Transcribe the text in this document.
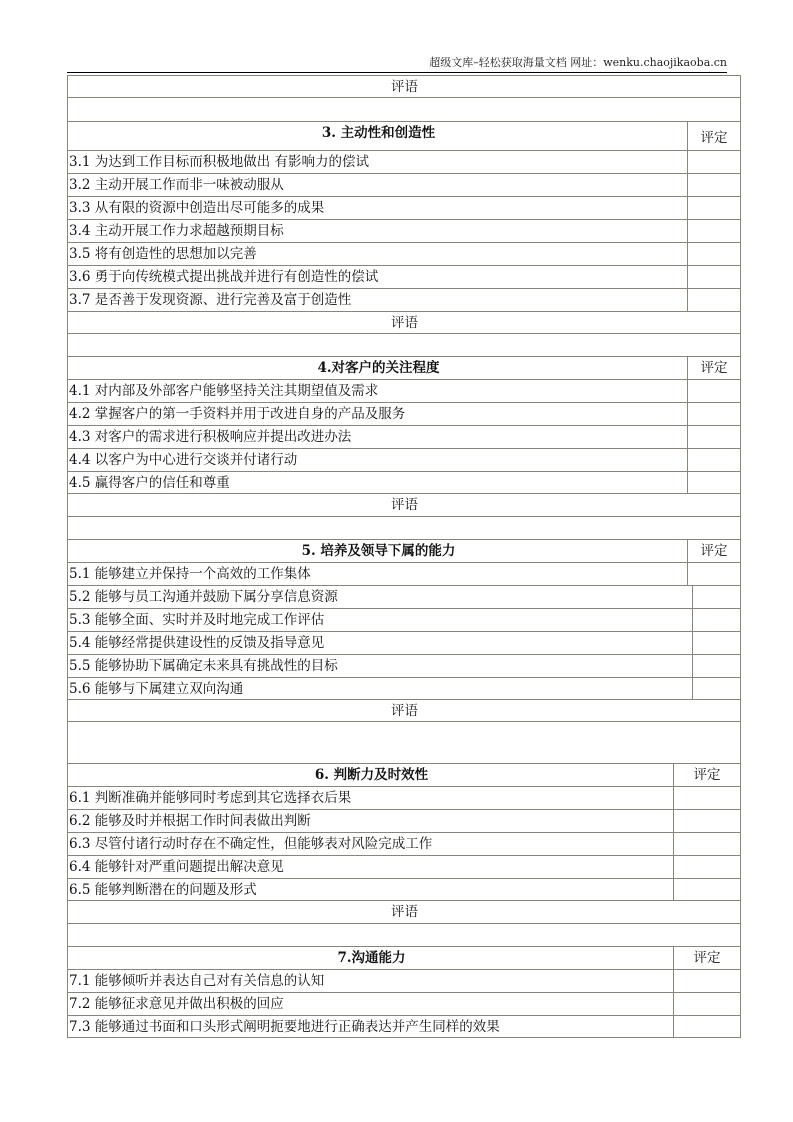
超级文库–轻松获取海量文档 网址：wenku.chaojikaoba.cn
评语
3. 主动性和创造性	评定
3.1 为达到工作目标而积极地做出 有影响力的偿试
3.2 主动开展工作而非一味被动服从
3.3 从有限的资源中创造出尽可能多的成果
3.4 主动开展工作力求超越预期目标
3.5 将有创造性的思想加以完善
3.6 勇于向传统模式提出挑战并进行有创造性的偿试
3.7 是否善于发现资源、进行完善及富于创造性
评语
4.对客户的关注程度	评定
4.1 对内部及外部客户能够坚持关注其期望值及需求
4.2 掌握客户的第一手资料并用于改进自身的产品及服务
4.3 对客户的需求进行积极响应并提出改进办法
4.4 以客户为中心进行交谈并付诸行动
4.5 赢得客户的信任和尊重
评语
5. 培养及领导下属的能力	评定
5.1 能够建立并保持一个高效的工作集体
5.2 能够与员工沟通并鼓励下属分享信息资源
5.3 能够全面、实时并及时地完成工作评估
5.4 能够经常提供建设性的反馈及指导意见
5.5 能够协助下属确定未来具有挑战性的目标
5.6 能够与下属建立双向沟通
评语
6. 判断力及时效性	评定
6.1 判断准确并能够同时考虑到其它选择衣后果
6.2 能够及时并根据工作时间表做出判断
6.3 尽管付诸行动时存在不确定性，但能够表对风险完成工作
6.4 能够针对严重问题提出解决意见
6.5 能够判断潜在的问题及形式
评语
7.沟通能力	评定
7.1 能够倾听并表达自己对有关信息的认知
7.2 能够征求意见并做出积极的回应
7.3 能够通过书面和口头形式阐明扼要地进行正确表达并产生同样的效果
